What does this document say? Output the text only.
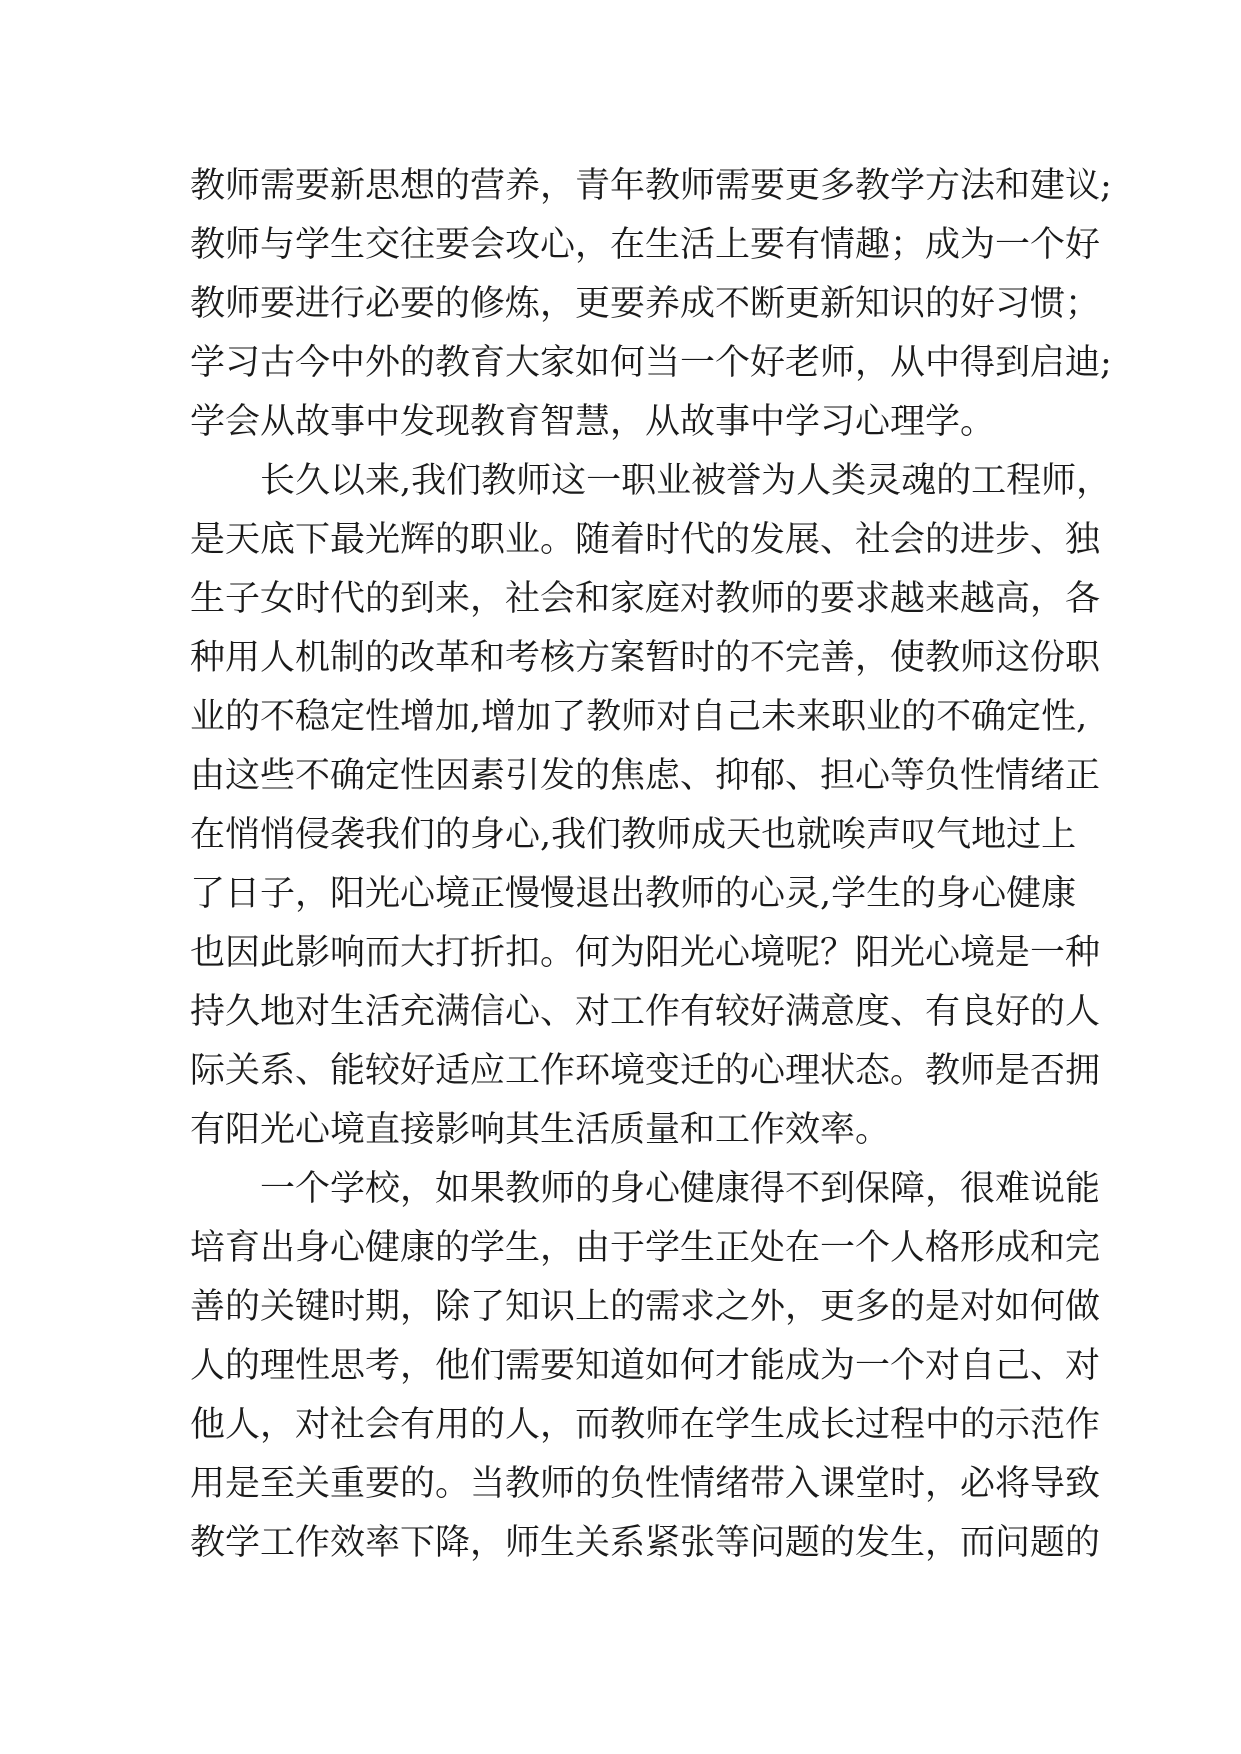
教师需要新思想的营养，青年教师需要更多教学方法和建议;
教师与学生交往要会攻心，在生活上要有情趣；成为一个好
教师要进行必要的修炼，更要养成不断更新知识的好习惯；
学习古今中外的教育大家如何当一个好老师，从中得到启迪;
学会从故事中发现教育智慧，从故事中学习心理学。
长久以来,我们教师这一职业被誉为人类灵魂的工程师，
是天底下最光辉的职业。随着时代的发展、社会的进步、独
生子女时代的到来，社会和家庭对教师的要求越来越高，各
种用人机制的改革和考核方案暂时的不完善，使教师这份职
业的不稳定性增加,增加了教师对自己未来职业的不确定性,
由这些不确定性因素引发的焦虑、抑郁、担心等负性情绪正
在悄悄侵袭我们的身心,我们教师成天也就唉声叹气地过上
了日子，阳光心境正慢慢退出教师的心灵,学生的身心健康
也因此影响而大打折扣。何为阳光心境呢？阳光心境是一种
持久地对生活充满信心、对工作有较好满意度、有良好的人
际关系、能较好适应工作环境变迁的心理状态。教师是否拥
有阳光心境直接影响其生活质量和工作效率。
一个学校，如果教师的身心健康得不到保障，很难说能
培育出身心健康的学生，由于学生正处在一个人格形成和完
善的关键时期，除了知识上的需求之外，更多的是对如何做
人的理性思考，他们需要知道如何才能成为一个对自己、对
他人，对社会有用的人，而教师在学生成长过程中的示范作
用是至关重要的。当教师的负性情绪带入课堂时，必将导致
教学工作效率下降，师生关系紧张等问题的发生，而问题的
